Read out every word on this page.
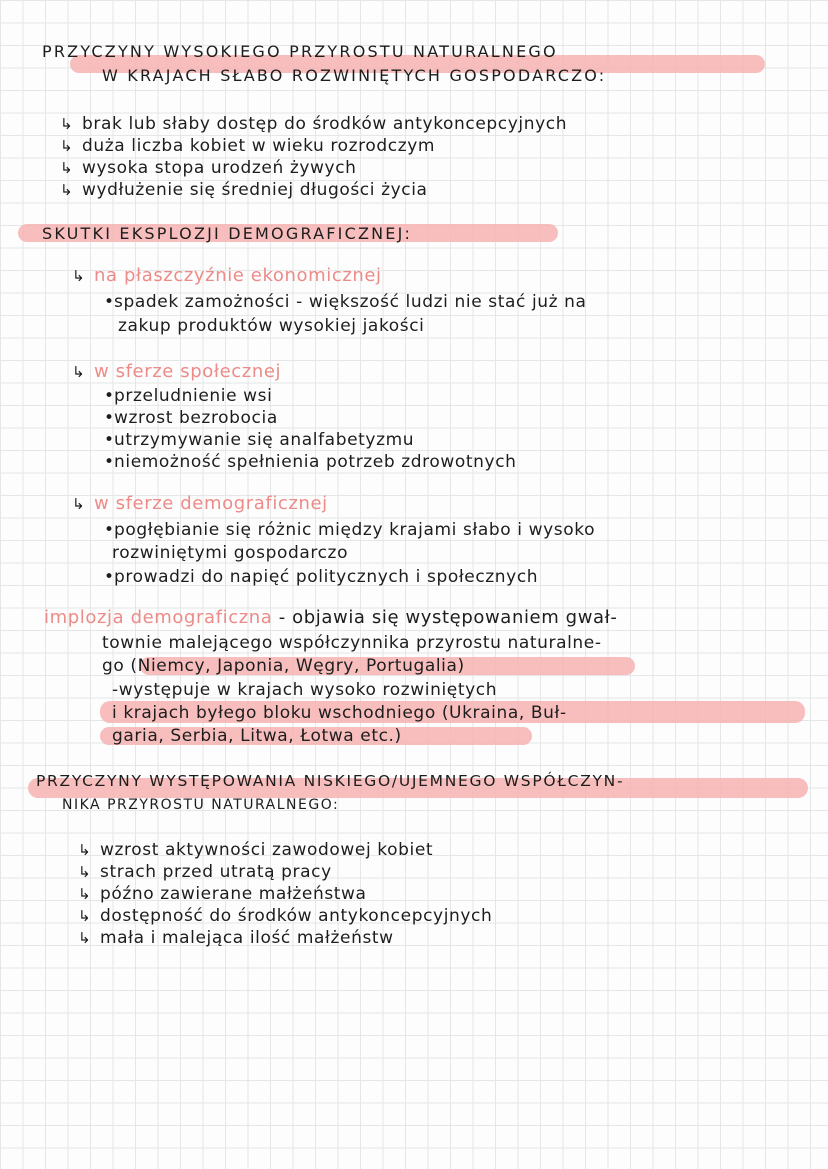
PRZYCZYNY WYSOKIEGO PRZYROSTU NATURALNEGO
W KRAJACH SŁABO ROZWINIĘTYCH GOSPODARCZO:
↳ brak lub słaby dostęp do środków antykoncepcyjnych
↳ duża liczba kobiet w wieku rozrodczym
↳ wysoka stopa urodzeń żywych
↳ wydłużenie się średniej długości życia
SKUTKI EKSPLOZJI DEMOGRAFICZNEJ:
↳ na płaszczyźnie ekonomicznej
•spadek zamożności - większość ludzi nie stać już na
zakup produktów wysokiej jakości
↳ w sferze społecznej
•przeludnienie wsi
•wzrost bezrobocia
•utrzymywanie się analfabetyzmu
•niemożność spełnienia potrzeb zdrowotnych
↳ w sferze demograficznej
•pogłębianie się różnic między krajami słabo i wysoko
rozwiniętymi gospodarczo
•prowadzi do napięć politycznych i społecznych
implozja demograficzna - objawia się występowaniem gwał-
townie malejącego współczynnika przyrostu naturalne-
go (Niemcy, Japonia, Węgry, Portugalia)
-występuje w krajach wysoko rozwiniętych
i krajach byłego bloku wschodniego (Ukraina, Buł-
garia, Serbia, Litwa, Łotwa etc.)
PRZYCZYNY WYSTĘPOWANIA NISKIEGO/UJEMNEGO WSPÓŁCZYN-
NIKA PRZYROSTU NATURALNEGO:
↳ wzrost aktywności zawodowej kobiet
↳ strach przed utratą pracy
↳ późno zawierane małżeństwa
↳ dostępność do środków antykoncepcyjnych
↳ mała i malejąca ilość małżeństw
